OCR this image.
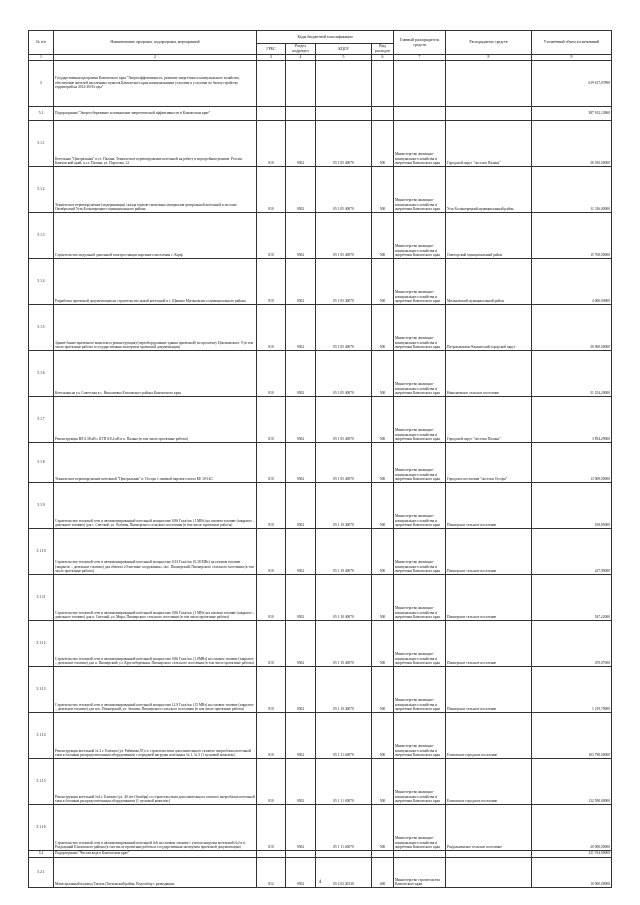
№ п/п	Наименование программ, подпрограмм, мероприятий	Коды бюджетной классификации				Главный распорядитель средств	Распорядитель средств	Уточнённый объем ассигнований
		ГРБС	Раздел подраздел	КЦСР	Вид расходов			
1	2	3	4	5	6	7	8	9
5	Государственная программа Камчатского края "Энергоэффективность, развитие энергетики и коммунального хозяйства, обеспечение жителей населенных пунктов Камчатского края коммунальными услугами и услугами по благоустройству территорий на 2014-2018 годы"							619 617,07890
5.1	Подпрограмма "Энергосбережение и повышение энергетической эффективности в Камчатском крае"							387 912,12860
5.1.1	Котельная "Центральная" п.г.т. Палана. Техническое перевооружение котельной на работу в водогрейном режиме. Россия. Камчатский край, п.г.т. Палана, ул. Поротова, 12	810	0502	05 1 05 40070	500	Министерство жилищно-коммунального хозяйства и энергетики Камчатского края	Городской округ "поселок Палана"	36 910,00000
5.1.2	Техническое перевооружение (модернизация) склада горюче-смазочных материалов центральной котельной в поселке Октябрьский Усть-Большерецкого муниципального района	810	0502	05 1 05 40070	500	Министерство жилищно-коммунального хозяйства и энергетики Камчатского края	Усть-Большерецкий муниципальный район	11 316,00000
5.1.3	Строительство модульной дизельной электростанции коренного населения с. Корф	810	0502	05 1 05 40070	500	Министерство жилищно-коммунального хозяйства и энергетики Камчатского края	Олюторский муниципальный район	15 700,00000
5.1.4	Разработка проектной документации на строительство новой котельной в с. Щапино Мильковского муниципального района	810	0502	05 1 05 40070	500	Министерство жилищно-коммунального хозяйства и энергетики Камчатского края	Мильковский муниципальный район	4 060,00000
5.1.5	Здание банно-прачечного комплекса (реконструкция) (переоборудование здания прачечной) по проспекту Циолковского, 9 (в том числе проектные работы и государственная экспертиза проектной документации)	810	0502	05 1 05 40070	500	Министерство жилищно-коммунального хозяйства и энергетики Камчатского края	Петропавловск-Камчатский городской округ	30 000,00000
5.1.6	Котельная на ул. Советская в с. Николаевка Елизовского района Камчатского края	810	0502	05 1 05 40070	500	Министерство жилищно-коммунального хозяйства и энергетики Камчатского края	Николаевское сельское поселение	31 254,29000
5.1.7	Реконструкция ВЛ 0,38 кВ с КТП 6/0,4 кВ в п. Палана (в том числе проектные работы)	810	0502	05 1 05 40070	500	Министерство жилищно-коммунального хозяйства и энергетики Камчатского края	Городской округ "поселок Палана"	3 854,29000
5.1.8	Техническое перевооружение котельной "Центральная" п. Оссора с заменой парового котла КЕ 10-14С	810	0502	05 1 05 40070	500	Министерство жилищно-коммунального хозяйства и энергетики Камчатского края	Городское поселение "поселок Оссора"	13 000,00000
5.1.9	Строительство тепловой сети и автоматизированной котельной мощностью 0,86 Гкал/час (1 МВт) на газовом топливе (закрытое – дизельное топливо) для с. Светлый, ул. Луговая, Пионерского сельского поселения (в том числе проектные работы)	810	0502	05 1 10 40070	500	Министерство жилищно-коммунального хозяйства и энергетики Камчатского края	Пионерское сельское поселение	169,85000
5.1.10	Строительство тепловой сети и автоматизированной котельной мощностью 0,33 Гкал/час (0,38 МВт) на газовом топливе (закрытое – дизельное топливо) для объекта «Очистные сооружения», пос. Пионерский, Пионерского сельского поселения (в том числе проектные работы)	810	0502	05 1 10 40070	500	Министерство жилищно-коммунального хозяйства и энергетики Камчатского края	Пионерское сельское поселение	227,90000
5.1.11	Строительство тепловой сети и автоматизированной котельной мощностью 0,86 Гкал/час (1 МВт) на газовом топливе (закрытое – дизельное топливо) для п. Светлый, ул. Мира, Пионерского сельского поселения (в том числе проектные работы)	810	0502	05 1 10 40070	500	Министерство жилищно-коммунального хозяйства и энергетики Камчатского края	Пионерское сельское поселение	547,22000
5.1.12	Строительство тепловой сети и автоматизированной котельной мощностью 0,86 Гкал/час (1,0МВт) на газовом топливе (закрытое – дизельное топливо) для п. Пионерский, ул. Круглобережная, Пионерского сельского поселения (в том числе проектные работы)	810	0502	05 1 10 40070	500	Министерство жилищно-коммунального хозяйства и энергетики Камчатского края	Пионерское сельское поселение	470,07000
5.1.13	Строительство тепловой сети и автоматизированной котельной мощностью 12,9 Гкал/час (15 МВт) на газовом топливе (закрытое – дизельное топливо) для пос. Пионерский, ул. Зеленая, Пионерского сельского поселения (в том числе проектные работы)	810	0502	05 1 10 40070	500	Министерство жилищно-коммунального хозяйства и энергетики Камчатского края	Пионерское сельское поселение	1 219,79000
5.1.14	Реконструкция котельной № 2 г. Елизово (ул. Рябикова,55) со строительством дополнительного газового энергоблока котельной типа к блочным распределительным оборудованием с передачей нагрузки котельных № 1, № 3 (1 пусковой комплекс)	810	0502	05 1 11 40070	500	Министерство жилищно-коммунального хозяйства и энергетики Камчатского края	Елизовское городское поселение	103 790,00000
5.1.15	Реконструкция котельной №4 г. Елизово (ул. 40 лет Октября) со строительством дополнительного газового энергоблока котельной типа к блочным распределительным оборудованием (1 пусковой комплекс)	810	0502	05 1 11 40070	500	Министерство жилищно-коммунального хозяйства и энергетики Камчатского края	Елизовское городское поселение	132 590,00000
5.1.16	Строительство тепловой сети и автоматизированной котельной №6 на газовом топливе с учетом нагрузки котельной №2 в п. Раздольный Елизовского района (в том числе проектные работы и государственная экспертиза проектной документации)	810	0502	05 1 11 40070	500	Министерство жилищно-коммунального хозяйства и энергетики Камчатского края	Раздольненское сельское поселение	20 000,00000
5.2	Подпрограмма "Чистая вода в Камчатском крае"							231 914,90000
5.2.1	Магистральный водовод Тигиль (Тигильский район, Водозабор с разводящим	812	0502	05 2 02 40130	400	Министерство строительства Камчатского края		10 000,00000
4
